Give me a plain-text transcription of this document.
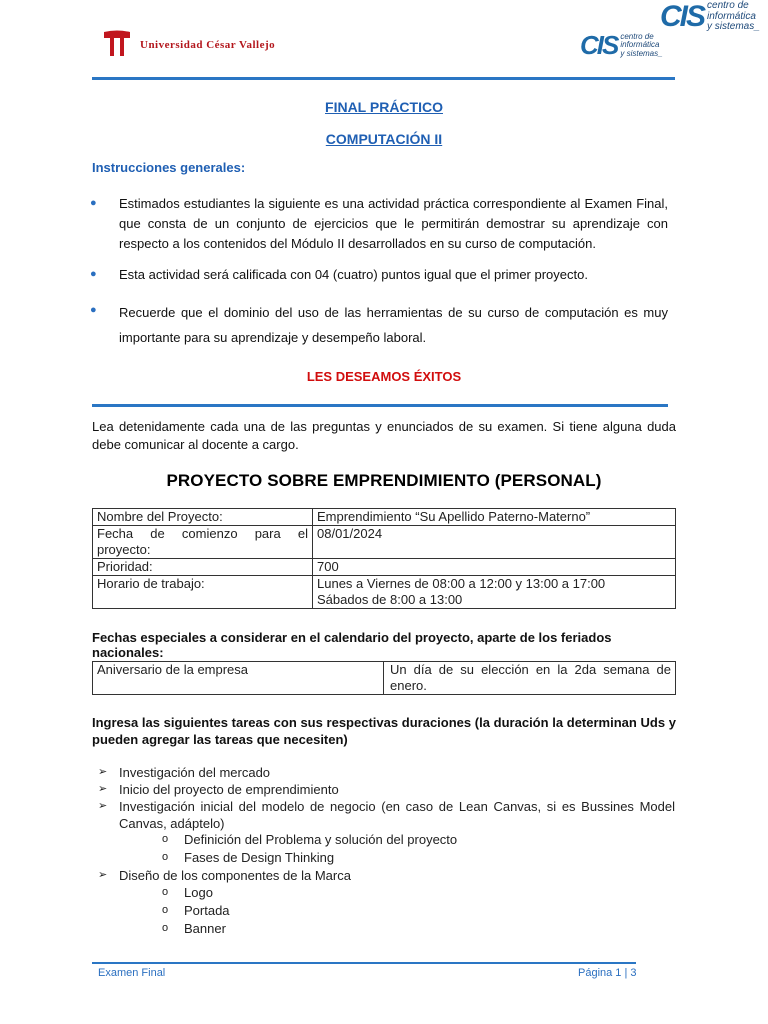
Universidad César Vallejo
CIS centro de
informática
y sistemas_
CIS centro de
informática
y sistemas_
FINAL PRÁCTICO
COMPUTACIÓN II
Instrucciones generales:
● Estimados estudiantes la siguiente es una actividad práctica correspondiente al Examen Final, que consta de un conjunto de ejercicios que le permitirán demostrar su aprendizaje con respecto a los contenidos del Módulo II desarrollados en su curso de computación.
● Esta actividad será calificada con 04 (cuatro) puntos igual que el primer proyecto.
● Recuerde que el dominio del uso de las herramientas de su curso de computación es muy importante para su aprendizaje y desempeño laboral.
LES DESEAMOS ÉXITOS
Lea detenidamente cada una de las preguntas y enunciados de su examen. Si tiene alguna duda debe comunicar al docente a cargo.
PROYECTO SOBRE EMPRENDIMIENTO (PERSONAL)
Nombre del Proyecto:	Emprendimiento “Su Apellido Paterno-Materno”
Fecha de comienzo para el proyecto:	08/01/2024
Prioridad:	700
Horario de trabajo:	Lunes a Viernes de 08:00 a 12:00 y 13:00 a 17:00
Sábados de 8:00 a 13:00
Fechas especiales a considerar en el calendario del proyecto, aparte de los feriados nacionales:
Aniversario de la empresa	Un día de su elección en la 2da semana de enero.
Ingresa las siguientes tareas con sus respectivas duraciones (la duración la determinan Uds y pueden agregar las tareas que necesiten)
➢ Investigación del mercado
➢ Inicio del proyecto de emprendimiento
➢ Investigación inicial del modelo de negocio (en caso de Lean Canvas, si es Bussines Model Canvas, adáptelo)
o Definición del Problema y solución del proyecto
o Fases de Design Thinking
➢ Diseño de los componentes de la Marca
o Logo
o Portada
o Banner
Examen Final	Página 1 | 3
